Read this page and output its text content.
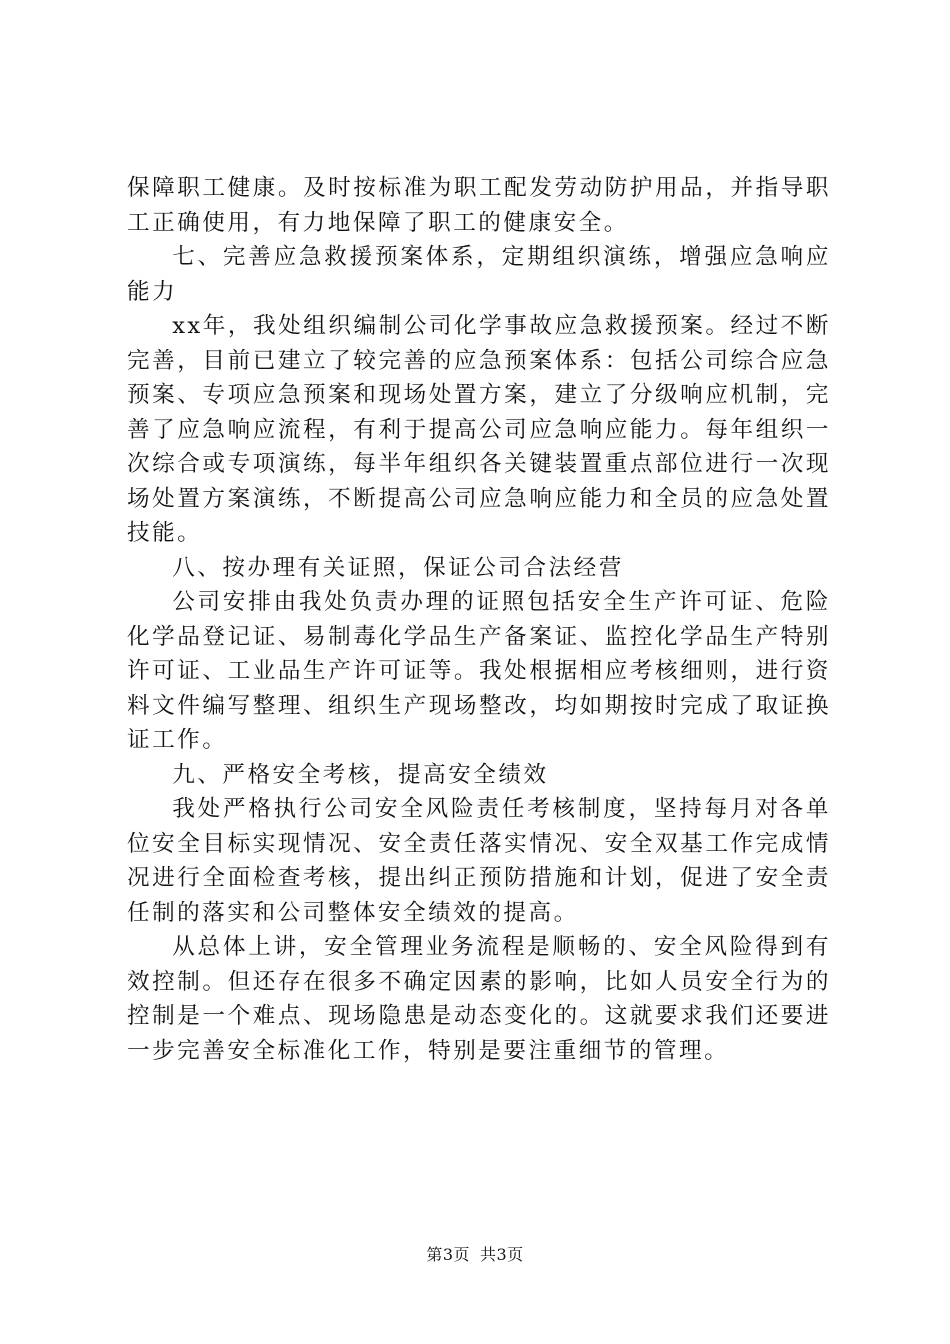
保障职工健康。及时按标准为职工配发劳动防护用品，并指导职工正确使用，有力地保障了职工的健康安全。

七、完善应急救援预案体系，定期组织演练，增强应急响应能力

xx年，我处组织编制公司化学事故应急救援预案。经过不断完善，目前已建立了较完善的应急预案体系：包括公司综合应急预案、专项应急预案和现场处置方案，建立了分级响应机制，完善了应急响应流程，有利于提高公司应急响应能力。每年组织一次综合或专项演练，每半年组织各关键装置重点部位进行一次现场处置方案演练，不断提高公司应急响应能力和全员的应急处置技能。

八、按办理有关证照，保证公司合法经营

公司安排由我处负责办理的证照包括安全生产许可证、危险化学品登记证、易制毒化学品生产备案证、监控化学品生产特别许可证、工业品生产许可证等。我处根据相应考核细则，进行资料文件编写整理、组织生产现场整改，均如期按时完成了取证换证工作。

九、严格安全考核，提高安全绩效

我处严格执行公司安全风险责任考核制度，坚持每月对各单位安全目标实现情况、安全责任落实情况、安全双基工作完成情况进行全面检查考核，提出纠正预防措施和计划，促进了安全责任制的落实和公司整体安全绩效的提高。

从总体上讲，安全管理业务流程是顺畅的、安全风险得到有效控制。但还存在很多不确定因素的影响，比如人员安全行为的控制是一个难点、现场隐患是动态变化的。这就要求我们还要进一步完善安全标准化工作，特别是要注重细节的管理。

第3页 共3页
